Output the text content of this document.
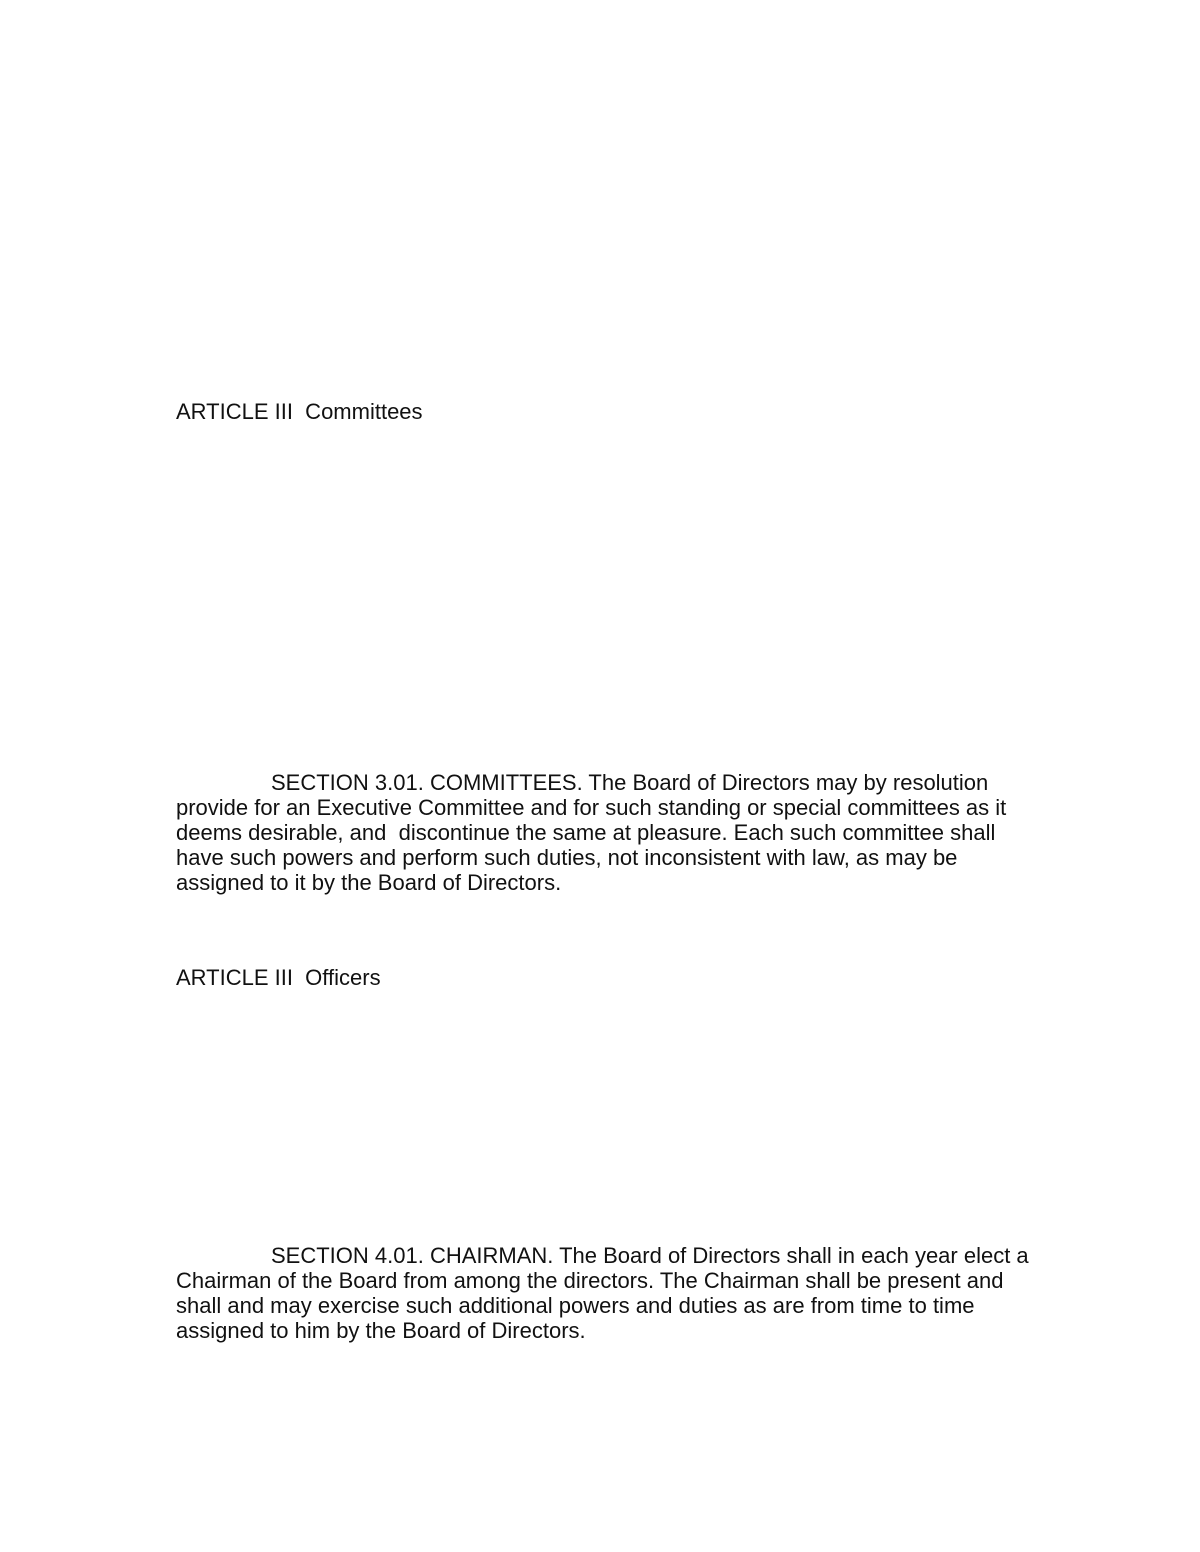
ARTICLE III  Committees
SECTION 3.01. COMMITTEES. The Board of Directors may by resolution
provide for an Executive Committee and for such standing or special committees as it
deems desirable, and  discontinue the same at pleasure. Each such committee shall
have such powers and perform such duties, not inconsistent with law, as may be
assigned to it by the Board of Directors.
ARTICLE III  Officers
SECTION 4.01. CHAIRMAN. The Board of Directors shall in each year elect a
Chairman of the Board from among the directors. The Chairman shall be present and
shall and may exercise such additional powers and duties as are from time to time
assigned to him by the Board of Directors.
